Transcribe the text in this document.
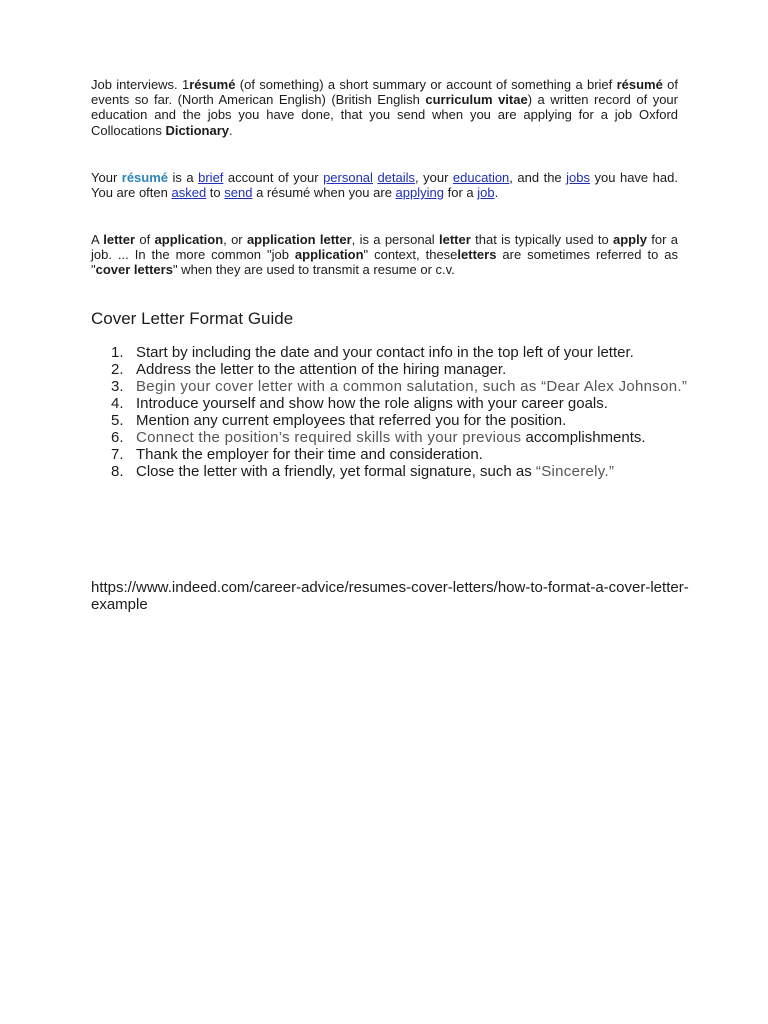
Job interviews. 1résumé (of something) a short summary or account of something a brief résumé of events so far. (North American English) (British English curriculum vitae) a written record of your education and the jobs you have done, that you send when you are applying for a job Oxford Collocations Dictionary.

Your résumé is a brief account of your personal details, your education, and the jobs you have had. You are often asked to send a résumé when you are applying for a job.

A letter of application, or application letter, is a personal letter that is typically used to apply for a job. ... In the more common "job application" context, theseletters are sometimes referred to as "cover letters" when they are used to transmit a resume or c.v.

Cover Letter Format Guide
1. Start by including the date and your contact info in the top left of your letter.
2. Address the letter to the attention of the hiring manager.
3. Begin your cover letter with a common salutation, such as “Dear Alex Johnson.”
4. Introduce yourself and show how the role aligns with your career goals.
5. Mention any current employees that referred you for the position.
6. Connect the position’s required skills with your previous accomplishments.
7. Thank the employer for their time and consideration.
8. Close the letter with a friendly, yet formal signature, such as “Sincerely.”

https://www.indeed.com/career-advice/resumes-cover-letters/how-to-format-a-cover-letter-example
